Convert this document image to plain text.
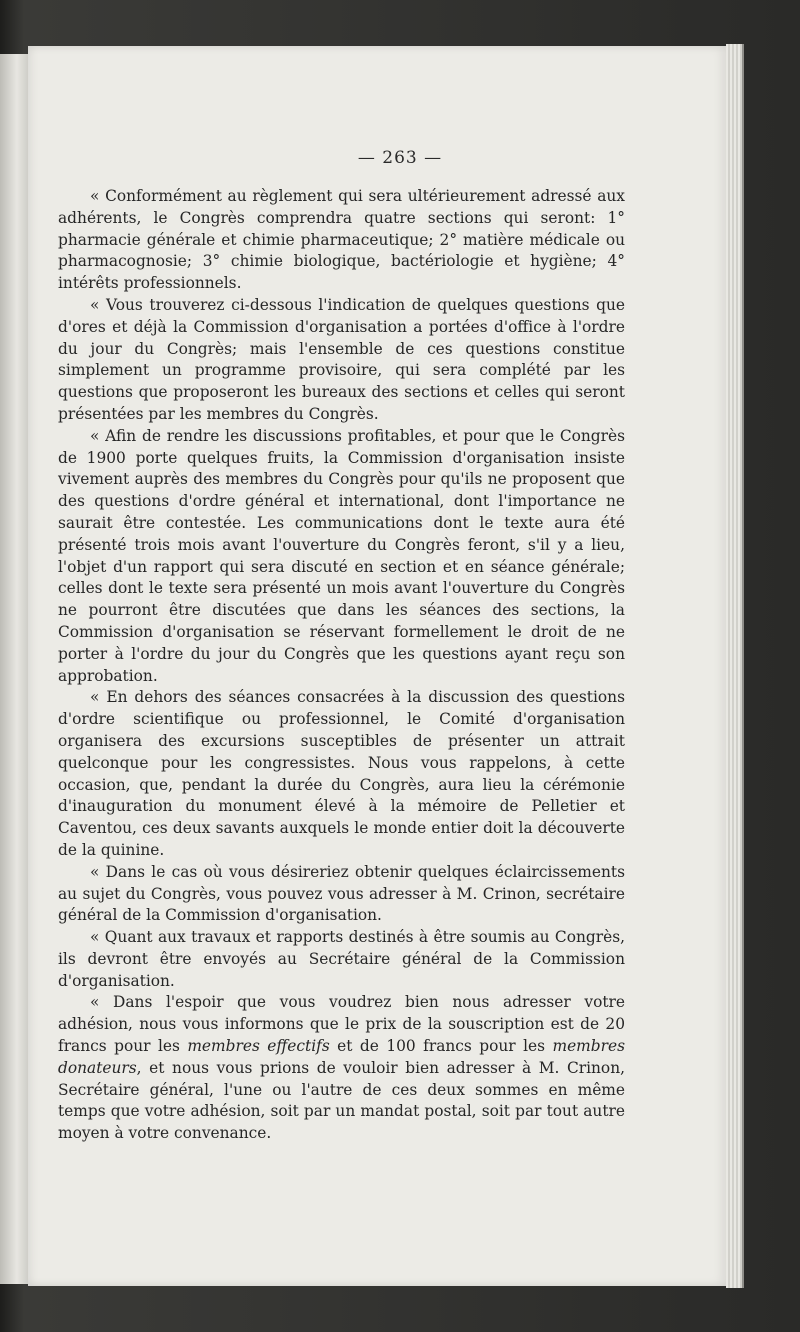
— 263 —

« Conformément au règlement qui sera ultérieurement adressé aux adhérents, le Congrès comprendra quatre sections qui seront: 1° pharmacie générale et chimie pharmaceutique; 2° matière médicale ou pharmacognosie; 3° chimie biologique, bactériologie et hygiène; 4° intérêts professionnels.

« Vous trouverez ci-dessous l'indication de quelques questions que d'ores et déjà la Commission d'organisation a portées d'office à l'ordre du jour du Congrès; mais l'ensemble de ces questions constitue simplement un programme provisoire, qui sera complété par les questions que proposeront les bureaux des sections et celles qui seront présentées par les membres du Congrès.

« Afin de rendre les discussions profitables, et pour que le Congrès de 1900 porte quelques fruits, la Commission d'organisation insiste vivement auprès des membres du Congrès pour qu'ils ne proposent que des questions d'ordre général et international, dont l'importance ne saurait être contestée. Les communications dont le texte aura été présenté trois mois avant l'ouverture du Congrès feront, s'il y a lieu, l'objet d'un rapport qui sera discuté en section et en séance générale; celles dont le texte sera présenté un mois avant l'ouverture du Congrès ne pourront être discutées que dans les séances des sections, la Commission d'organisation se réservant formellement le droit de ne porter à l'ordre du jour du Congrès que les questions ayant reçu son approbation.

« En dehors des séances consacrées à la discussion des questions d'ordre scientifique ou professionnel, le Comité d'organisation organisera des excursions susceptibles de présenter un attrait quelconque pour les congressistes. Nous vous rappelons, à cette occasion, que, pendant la durée du Congrès, aura lieu la cérémonie d'inauguration du monument élevé à la mémoire de Pelletier et Caventou, ces deux savants auxquels le monde entier doit la découverte de la quinine.

« Dans le cas où vous désireriez obtenir quelques éclaircissements au sujet du Congrès, vous pouvez vous adresser à M. Crinon, secrétaire général de la Commission d'organisation.

« Quant aux travaux et rapports destinés à être soumis au Congrès, ils devront être envoyés au Secrétaire général de la Commission d'organisation.

« Dans l'espoir que vous voudrez bien nous adresser votre adhésion, nous vous informons que le prix de la souscription est de 20 francs pour les membres effectifs et de 100 francs pour les membres donateurs, et nous vous prions de vouloir bien adresser à M. Crinon, Secrétaire général, l'une ou l'autre de ces deux sommes en même temps que votre adhésion, soit par un mandat postal, soit par tout autre moyen à votre convenance.
